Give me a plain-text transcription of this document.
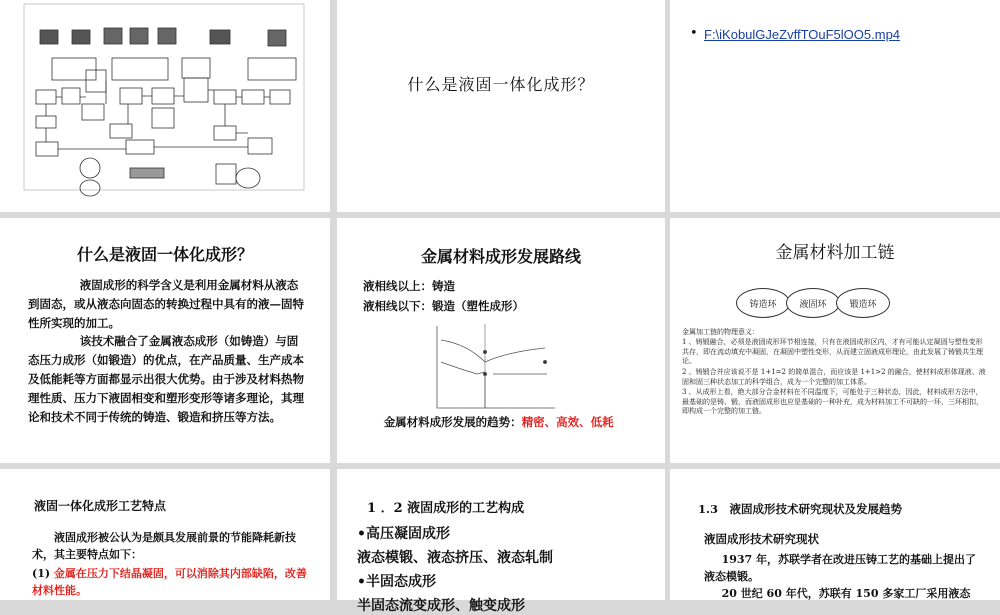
什么是液固一体化成形？
• F:\iKobulGJeZvffTOuF5lOO5.mp4
什么是液固一体化成形？
液固成形的科学含义是利用金属材料从液态到固态，或从液态向固态的转换过程中具有的液—固特性所实现的加工。
该技术融合了金属液态成形（如铸造）与固态压力成形（如锻造）的优点，在产品质量、生产成本及低能耗等方面都显示出很大优势。由于涉及材料热物理性质、压力下液固相变和塑形变形等诸多理论，其理论和技术不同于传统的铸造、锻造和挤压等方法。
金属材料成形发展路线
液相线以上：铸造
液相线以下：锻造（塑性成形）
金属材料成形发展的趋势：精密、高效、低耗
金属材料加工链
铸造环	液固环	锻造环
金属加工链的物理意义：
1 、铸锻融合，必须是液固成形环节相连接，只有在液固成形区内，才有可能认定凝固与塑性变形共存，即在流动填充中凝固，在凝固中塑性变形，从而建立固液成形理论，由此发展了铸锻共生理论。
2 、铸锻合并应该说不是 1+1=2 的简单混合，而应该是 1+1>2 的融合，使材料成形体现液、液固和固三种状态加工的科学组合，成为一个完整的加工体系。
3 、从成形上看，绝大部分合金材料在不同温度下，可能处于三种状态，因此，材料成形方法中，最基础的是铸、锻，而液固成形也应是基础的一种补充，成为材料加工不可缺的一环，三环相扣，即构成一个完整的加工链。
液固一体化成形工艺特点
液固成形被公认为是颇具发展前景的节能降耗新技术，其主要特点如下：
(1) 金属在压力下结晶凝固，可以消除其内部缺陷，改善材料性能。
1 ．2 液固成形的工艺构成
•高压凝固成形
液态模锻、液态挤压、液态轧制
•半固态成形
半固态流变成形、触变成形
1.3　液固成形技术研究现状及发展趋势
液固成形技术研究现状
1937 年，苏联学者在改进压铸工艺的基础上提出了液态模锻。
20 世纪 60 年代，苏联有 150 多家工厂采用液态
